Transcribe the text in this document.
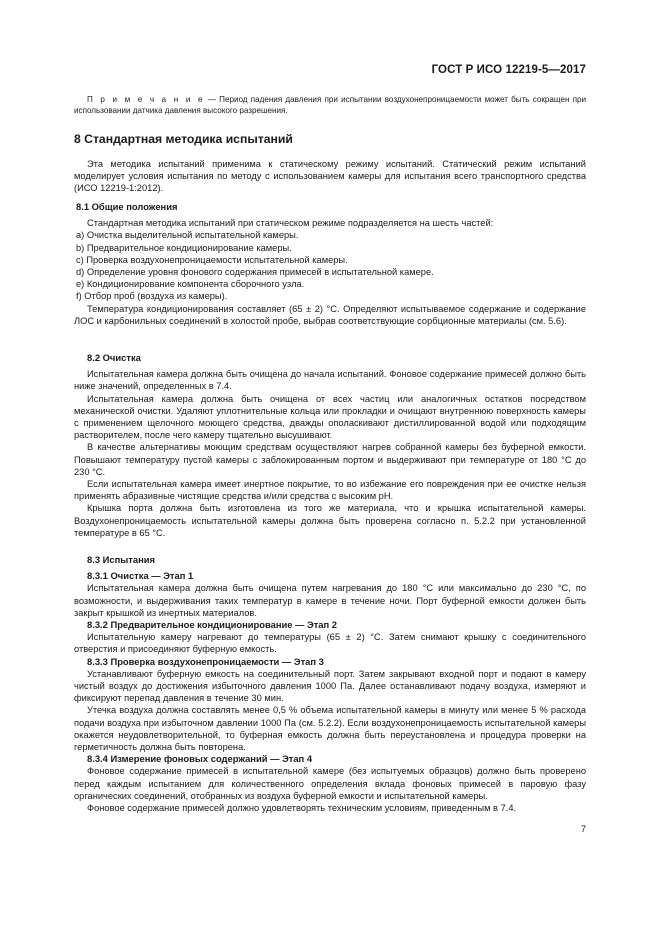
ГОСТ Р ИСО 12219-5—2017

П р и м е ч а н и е — Период падения давления при испытании воздухонепроницаемости может быть сокращен при использовании датчика давления высокого разрешения.

8 Стандартная методика испытаний

Эта методика испытаний применима к статическому режиму испытаний. Статический режим испытаний моделирует условия испытания по методу с использованием камеры для испытания всего транспортного средства (ИСО 12219-1:2012).

8.1 Общие положения

Стандартная методика испытаний при статическом режиме подразделяется на шесть частей:

a) Очистка выделительной испытательной камеры.
b) Предварительное кондиционирование камеры.
c) Проверка воздухонепроницаемости испытательной камеры.
d) Определение уровня фонового содержания примесей в испытательной камере.
e) Кондиционирование компонента сборочного узла.
f) Отбор проб (воздуха из камеры).

Температура кондиционирования составляет (65 ± 2) °С. Определяют испытываемое содержание и содержание ЛОС и карбонильных соединений в холостой пробе, выбрав соответствующие сорбционные материалы (см. 5.6).

8.2 Очистка

Испытательная камера должна быть очищена до начала испытаний. Фоновое содержание примесей должно быть ниже значений, определенных в 7.4.

Испытательная камера должна быть очищена от всех частиц или аналогичных остатков посредством механической очистки. Удаляют уплотнительные кольца или прокладки и очищают внутреннюю поверхность камеры с применением щелочного моющего средства, дважды ополаскивают дистиллированной водой или подходящим растворителем, после чего камеру тщательно высушивают.

В качестве альтернативы моющим средствам осуществляют нагрев собранной камеры без буферной емкости. Повышают температуру пустой камеры с заблокированным портом и выдерживают при температуре от 180 °С до 230 °С.

Если испытательная камера имеет инертное покрытие, то во избежание его повреждения при ее очистке нельзя применять абразивные чистящие средства и/или средства с высоким pH.

Крышка порта должна быть изготовлена из того же материала, что и крышка испытательной камеры. Воздухонепроницаемость испытательной камеры должна быть проверена согласно п. 5.2.2 при установленной температуре в 65 °С.

8.3 Испытания
8.3.1 Очистка — Этап 1

Испытательная камера должна быть очищена путем нагревания до 180 °С или максимально до 230 °С, по возможности, и выдерживания таких температур в камере в течение ночи. Порт буферной емкости должен быть закрыт крышкой из инертных материалов.

8.3.2 Предварительное кондиционирование — Этап 2

Испытательную камеру нагревают до температуры (65 ± 2) °С. Затем снимают крышку с соединительного отверстия и присоединяют буферную емкость.

8.3.3 Проверка воздухонепроницаемости — Этап 3

Устанавливают буферную емкость на соединительный порт. Затем закрывают входной порт и подают в камеру чистый воздух до достижения избыточного давления 1000 Па. Далее останавливают подачу воздуха, измеряют и фиксируют перепад давления в течение 30 мин.

Утечка воздуха должна составлять менее 0,5 % объема испытательной камеры в минуту или менее 5 % расхода подачи воздуха при избыточном давлении 1000 Па (см. 5.2.2). Если воздухонепроницаемость испытательной камеры окажется неудовлетворительной, то буферная емкость должна быть переустановлена и процедура проверки на герметичность должна быть повторена.

8.3.4 Измерение фоновых содержаний — Этап 4

Фоновое содержание примесей в испытательной камере (без испытуемых образцов) должно быть проверено перед каждым испытанием для количественного определения вклада фоновых примесей в паровую фазу органических соединений, отобранных из воздуха буферной емкости и испытательной камеры.

Фоновое содержание примесей должно удовлетворять техническим условиям, приведенным в 7.4.

7
